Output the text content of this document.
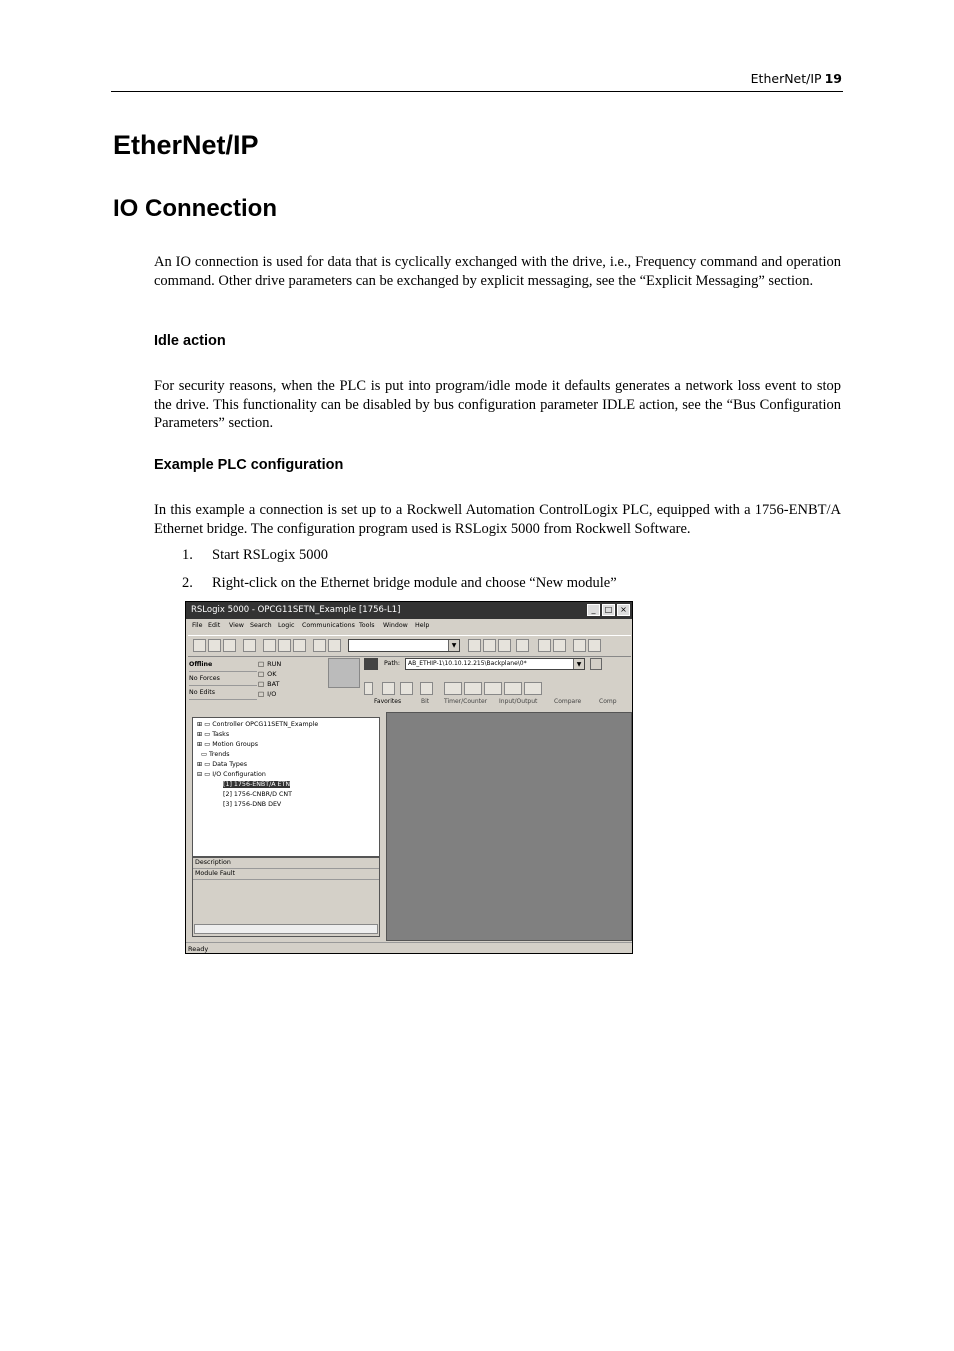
EtherNet/IP 19
EtherNet/IP
IO Connection

An IO connection is used for data that is cyclically exchanged with the drive, i.e., Frequency command and operation command. Other drive parameters can be exchanged by explicit messaging, see the “Explicit Messaging” section.

Idle action

For security reasons, when the PLC is put into program/idle mode it defaults generates a network loss event to stop the drive. This functionality can be disabled by bus configuration parameter IDLE action, see the “Bus Configuration Parameters” section.

Example PLC configuration

In this example a connection is set up to a Rockwell Automation ControlLogix PLC, equipped with a 1756-ENBT/A Ethernet bridge. The configuration program used is RSLogix 5000 from Rockwell Software.

1. Start RSLogix 5000
2. Right-click on the Ethernet bridge module and choose “New module”
RSLogix 5000 - OPCG11SETN_Example [1756-L1]	_	□ ×
File Edit View Search Logic Communications Tools Window Help
▼
Offline
No Forces
No Edits
□ RUN
□ OK
□ BAT
□ I/O
Path:	AB_ETHIP-1\10.10.12.215\Backplane\0*	▼
Favorites	Bit Timer/Counter Input/Output	Compare	Comp
⊞ ▭ Controller OPCG11SETN_Example
⊞ ▭ Tasks
⊞ ▭ Motion Groups
▭ Trends
⊞ ▭ Data Types
⊟ ▭ I/O Configuration
[1] 1756-ENBT/A ETN
[2] 1756-CNBR/D CNT
[3] 1756-DNB DEV
Description
Module Fault
Ready
